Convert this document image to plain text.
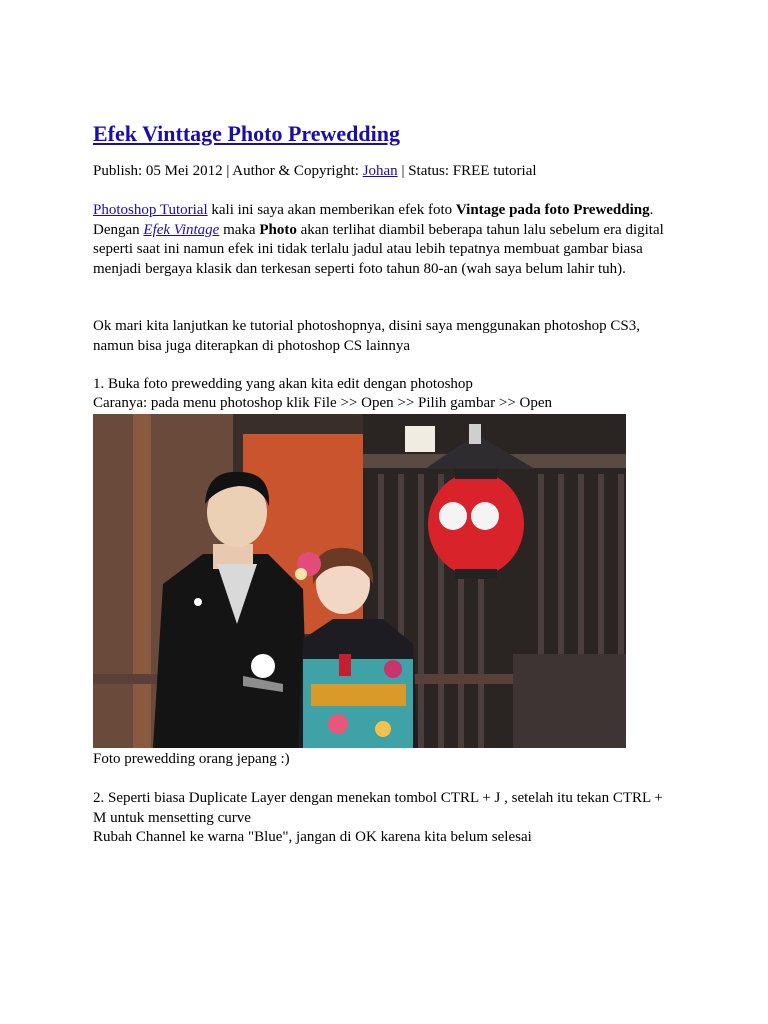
Efek Vinttage Photo Prewedding
Publish: 05 Mei 2012 | Author & Copyright: Johan | Status: FREE tutorial

Photoshop Tutorial kali ini saya akan memberikan efek foto Vintage pada foto Prewedding. Dengan Efek Vintage maka Photo akan terlihat diambil beberapa tahun lalu sebelum era digital seperti saat ini namun efek ini tidak terlalu jadul atau lebih tepatnya membuat gambar biasa menjadi bergaya klasik dan terkesan seperti foto tahun 80-an (wah saya belum lahir tuh).

Ok mari kita lanjutkan ke tutorial photoshopnya, disini saya menggunakan photoshop CS3, namun bisa juga diterapkan di photoshop CS lainnya

1. Buka foto prewedding yang akan kita edit dengan photoshop
Caranya: pada menu photoshop klik File >> Open >> Pilih gambar >> Open
Foto prewedding orang jepang :)

2. Seperti biasa Duplicate Layer dengan menekan tombol CTRL + J , setelah itu tekan CTRL + M untuk mensetting curve

Rubah Channel ke warna "Blue", jangan di OK karena kita belum selesai
